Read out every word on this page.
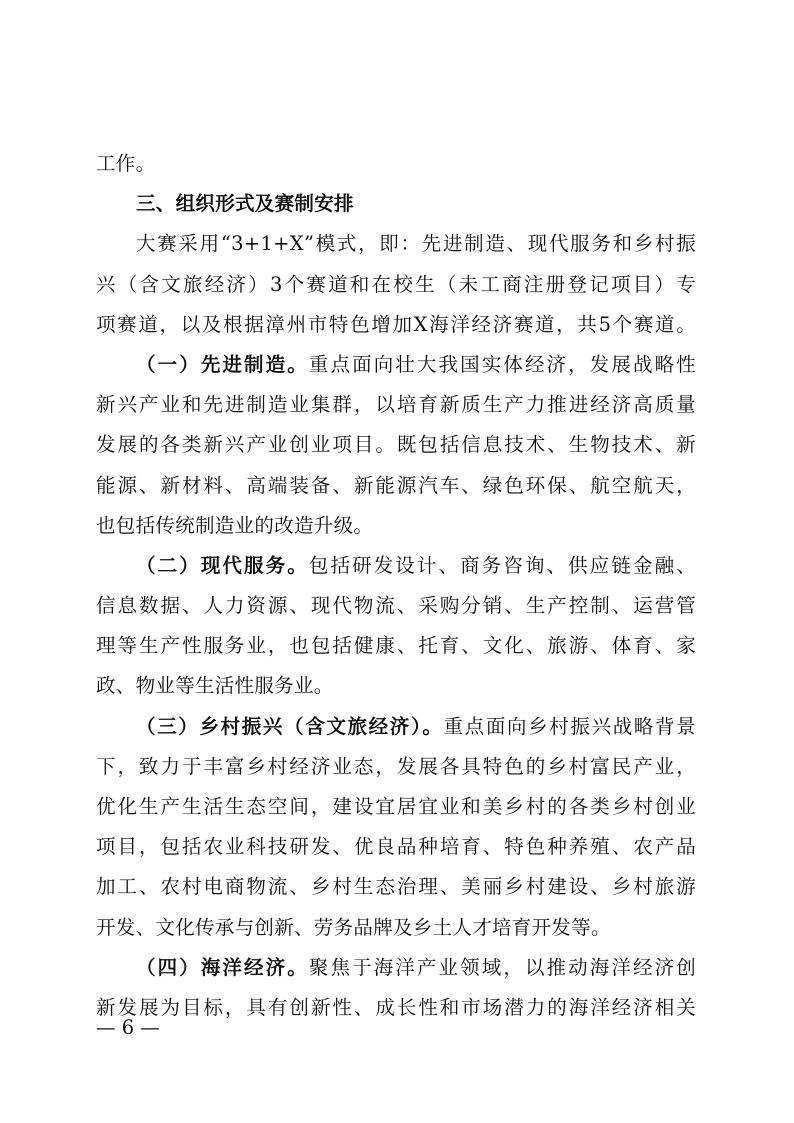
工作。
三、组织形式及赛制安排
大赛采用“3+1+X”模式，即：先进制造、现代服务和乡村振
兴（含文旅经济）3个赛道和在校生（未工商注册登记项目）专
项赛道，以及根据漳州市特色增加X海洋经济赛道，共5个赛道。
（一）先进制造。重点面向壮大我国实体经济，发展战略性
新兴产业和先进制造业集群，以培育新质生产力推进经济高质量
发展的各类新兴产业创业项目。既包括信息技术、生物技术、新
能源、新材料、高端装备、新能源汽车、绿色环保、航空航天，
也包括传统制造业的改造升级。
（二）现代服务。包括研发设计、商务咨询、供应链金融、
信息数据、人力资源、现代物流、采购分销、生产控制、运营管
理等生产性服务业，也包括健康、托育、文化、旅游、体育、家
政、物业等生活性服务业。
（三）乡村振兴（含文旅经济）。重点面向乡村振兴战略背景
下，致力于丰富乡村经济业态，发展各具特色的乡村富民产业，
优化生产生活生态空间，建设宜居宜业和美乡村的各类乡村创业
项目，包括农业科技研发、优良品种培育、特色种养殖、农产品
加工、农村电商物流、乡村生态治理、美丽乡村建设、乡村旅游
开发、文化传承与创新、劳务品牌及乡土人才培育开发等。
（四）海洋经济。聚焦于海洋产业领域，以推动海洋经济创
新发展为目标，具有创新性、成长性和市场潜力的海洋经济相关
— 6 —
